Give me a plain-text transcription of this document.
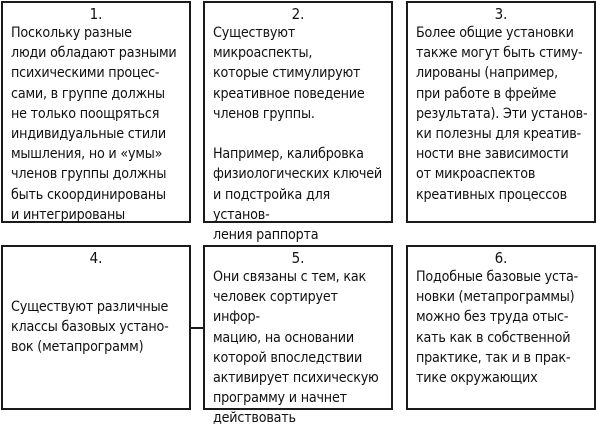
1.
Поскольку разные
люди обладают разными
психическими процес-
сами, в группе должны
не только поощряться
индивидуальные стили
мышления, но и «умы»
членов группы должны
быть скоординированы
и интегрированы
2.
Существуют микроаспекты,
которые стимулируют
креативное поведение
членов группы.

Например, калибровка
физиологических ключей
и подстройка для установ-
ления раппорта
3.
Более общие установки
также могут быть стиму-
лированы (например,
при работе в фрейме
результата). Эти установ-
ки полезны для креатив-
ности вне зависимости
от микроаспектов
креативных процессов
4.
Существуют различные
классы базовых устано-
вок (метапрограмм)
5.
Они связаны с тем, как
человек сортирует инфор-
мацию, на основании
которой впоследствии
активирует психическую
программу и начнет
действовать
6.
Подобные базовые уста-
новки (метапрограммы)
можно без труда отыс-
кать как в собственной
практике, так и в прак-
тике окружающих
